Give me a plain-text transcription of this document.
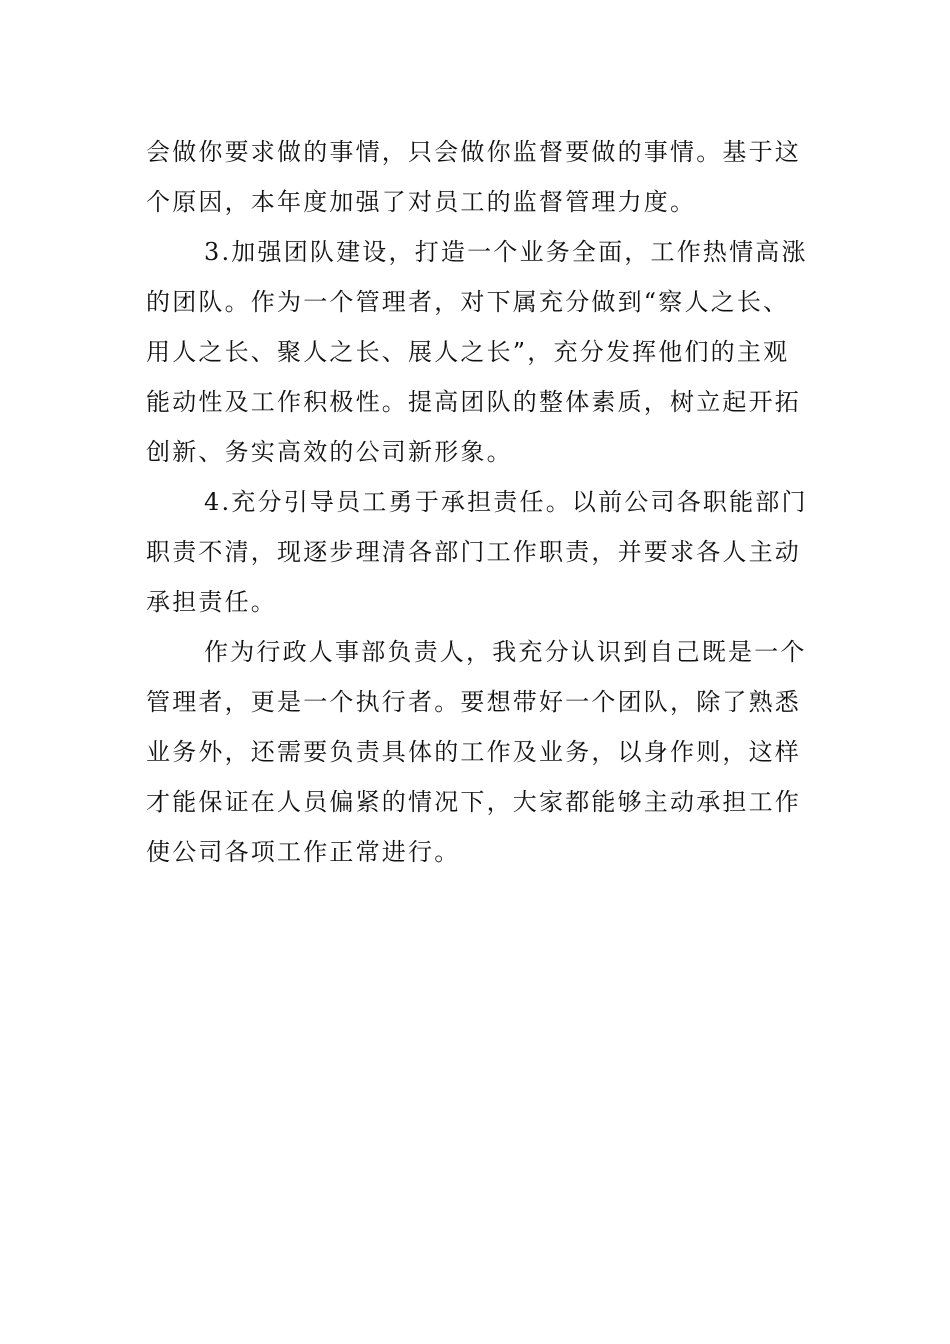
会做你要求做的事情，只会做你监督要做的事情。基于这
个原因，本年度加强了对员工的监督管理力度。
3.加强团队建设，打造一个业务全面，工作热情高涨
的团队。作为一个管理者，对下属充分做到“察人之长、
用人之长、聚人之长、展人之长”，充分发挥他们的主观
能动性及工作积极性。提高团队的整体素质，树立起开拓
创新、务实高效的公司新形象。
4.充分引导员工勇于承担责任。以前公司各职能部门
职责不清，现逐步理清各部门工作职责，并要求各人主动
承担责任。
作为行政人事部负责人，我充分认识到自己既是一个
管理者，更是一个执行者。要想带好一个团队，除了熟悉
业务外，还需要负责具体的工作及业务，以身作则，这样
才能保证在人员偏紧的情况下，大家都能够主动承担工作
使公司各项工作正常进行。
